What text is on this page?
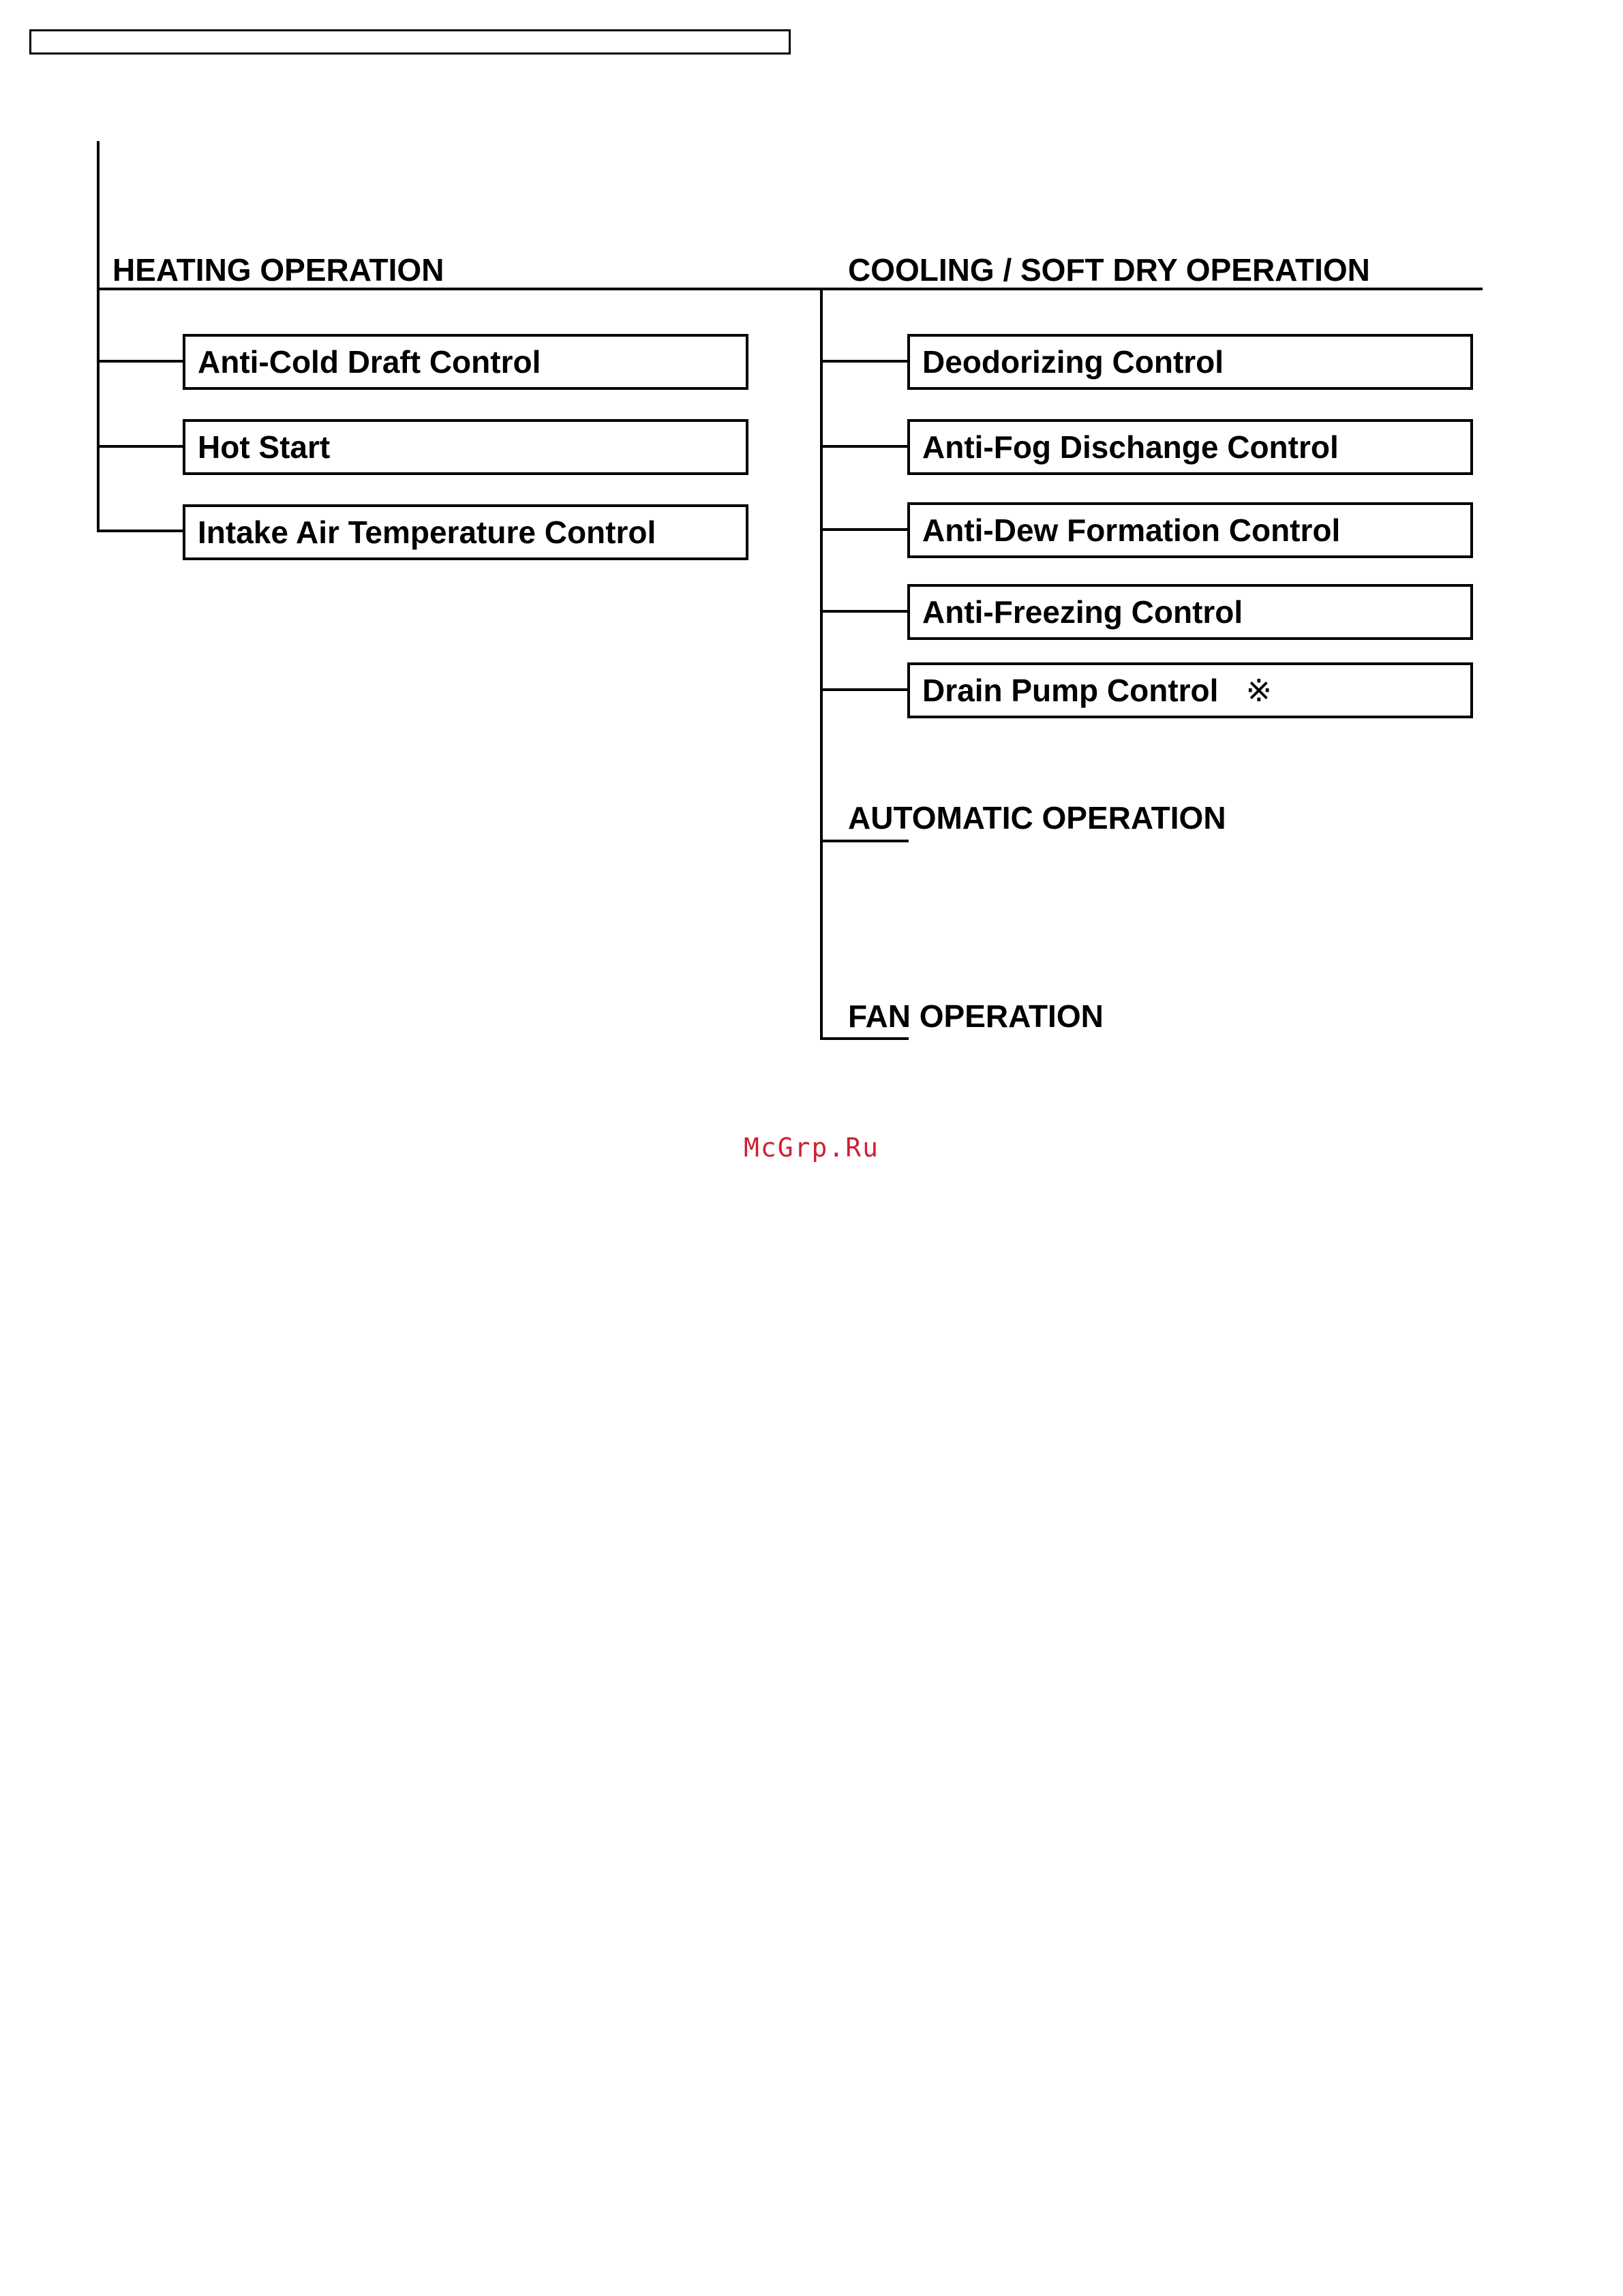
HEATING OPERATION	COOLING / SOFT DRY OPERATION
Anti-Cold Draft Control
Hot Start
Intake Air Temperature Control
Deodorizing Control
Anti-Fog Dischange Control
Anti-Dew Formation Control
Anti-Freezing Control
Drain Pump Control ※
AUTOMATIC OPERATION
FAN OPERATION
McGrp.Ru
